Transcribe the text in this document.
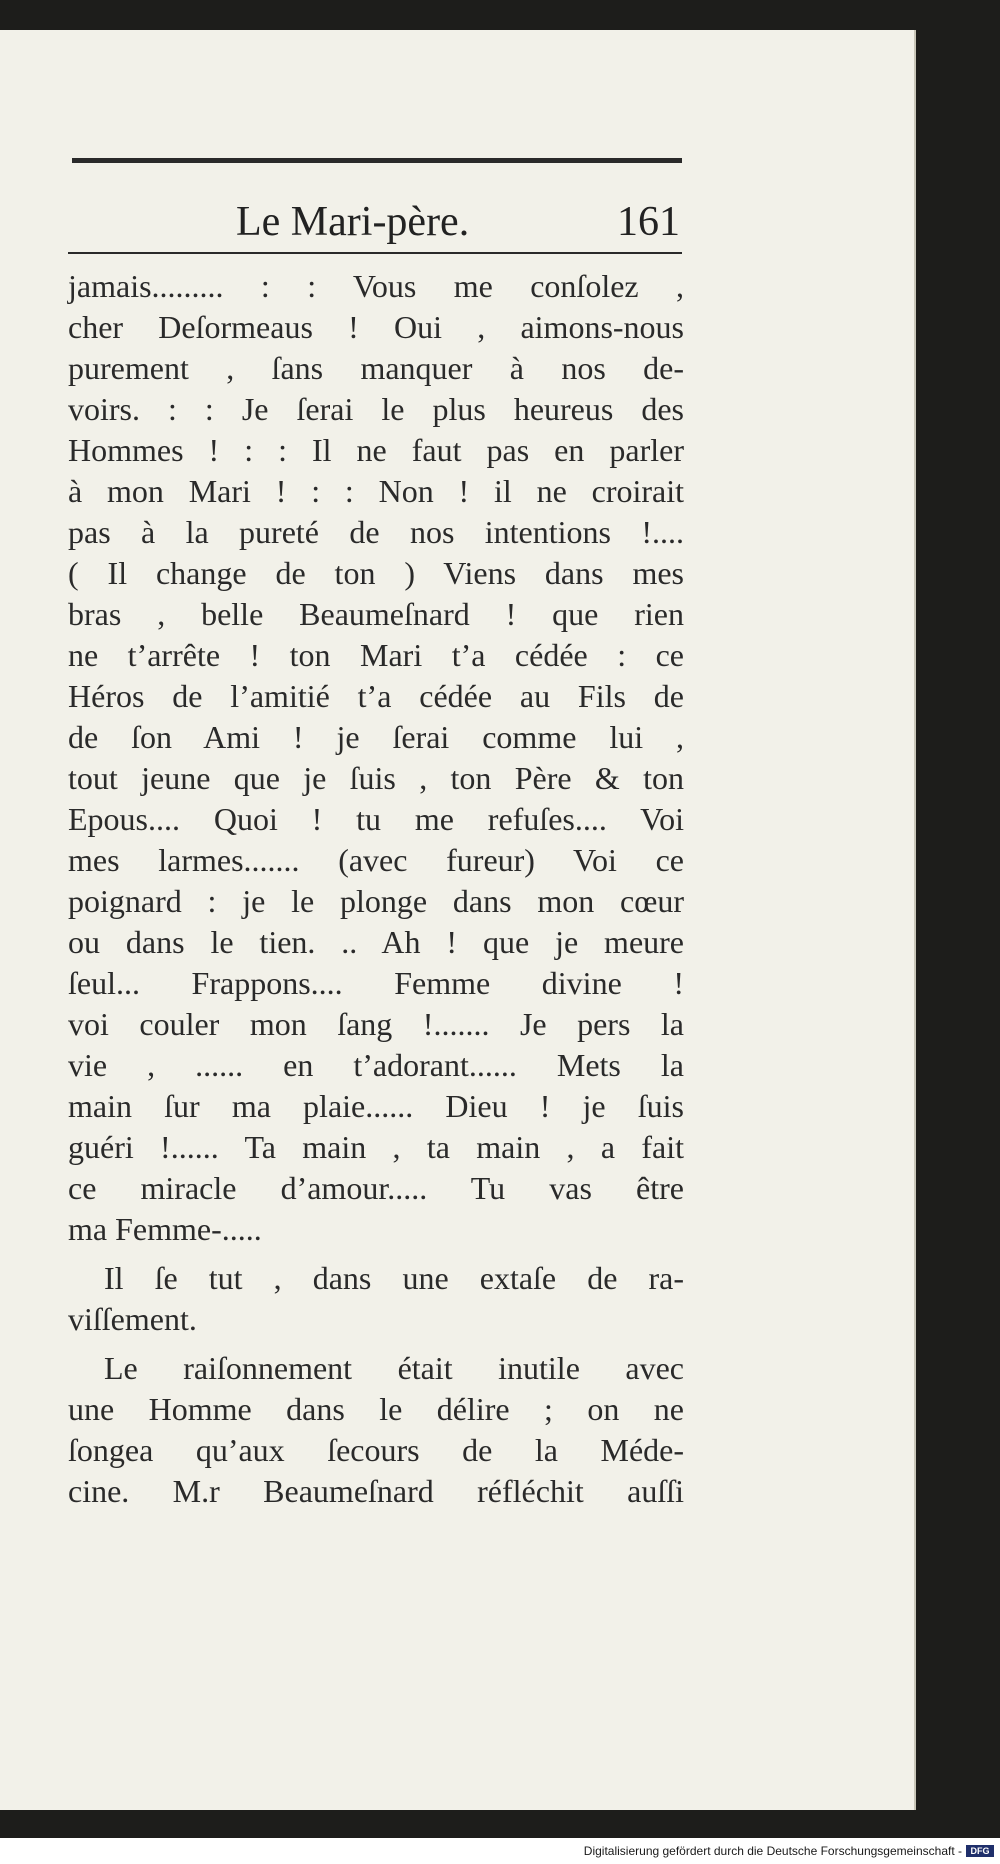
Le Mari-père.	161
jamais......... : : Vous me conſolez ,
cher Deſormeaus ! Oui , aimons-nous
purement , ſans manquer à nos de-
voirs. : : Je ſerai le plus heureus des
Hommes ! : : Il ne faut pas en parler
à mon Mari ! : : Non ! il ne croirait
pas à la pureté de nos intentions !....
( Il change de ton ) Viens dans mes
bras , belle Beaumeſnard ! que rien
ne t’arrête ! ton Mari t’a cédée : ce
Héros de l’amitié t’a cédée au Fils de
de ſon Ami ! je ſerai comme lui ,
tout jeune que je ſuis , ton Père & ton
Epous.... Quoi ! tu me refuſes.... Voi
mes larmes....... (avec fureur) Voi ce
poignard : je le plonge dans mon cœur
ou dans le tien. .. Ah ! que je meure
ſeul... Frappons.... Femme divine !
voi couler mon ſang !....... Je pers la
vie , ...... en t’adorant...... Mets la
main ſur ma plaie...... Dieu ! je ſuis
guéri !...... Ta main , ta main , a fait
ce miracle d’amour..... Tu vas être
ma Femme-.....
Il ſe tut , dans une extaſe de ra-
viſſement.
Le raiſonnement était inutile avec
une Homme dans le délire ; on ne
ſongea qu’aux ſecours de la Méde-
cine. M.r Beaumeſnard réfléchit auſſi
Digitalisierung gefördert durch die Deutsche Forschungsgemeinschaft - DFG
